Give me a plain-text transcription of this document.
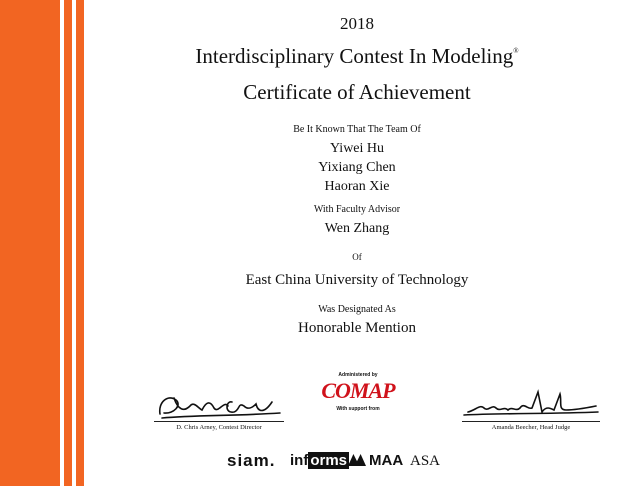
2018
Interdisciplinary Contest In Modeling®
Certificate of Achievement
Be It Known That The Team Of
Yiwei Hu
Yixiang Chen
Haoran Xie
With Faculty Advisor
Wen Zhang
Of
East China University of Technology
Was Designated As
Honorable Mention
D. Chris Arney, Contest Director
Administered by
COMAP
With support from
Amanda Beecher, Head Judge
siam. inf orms	MAA ASA
